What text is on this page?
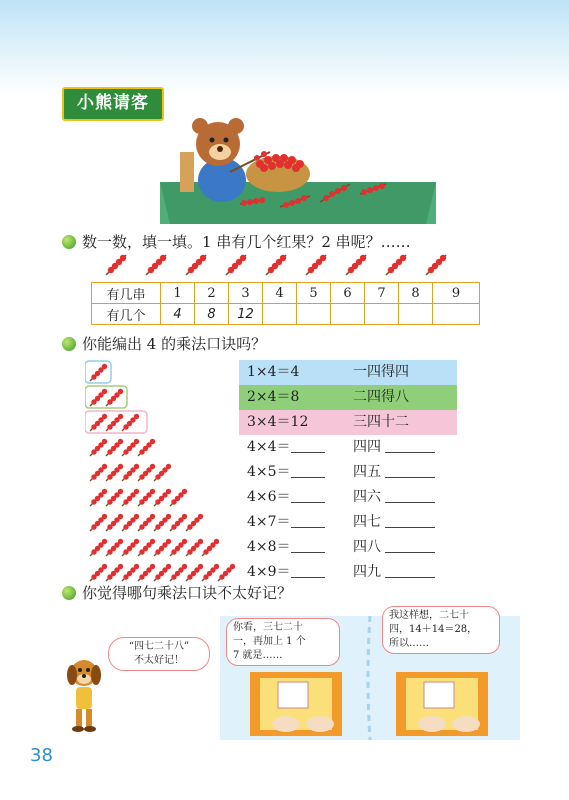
小熊请客
数一数，填一填。1 串有几个红果？2 串呢？……
有几串	1	2	3	4	5	6	7	8	9
有几个	4	8	12						
你能编出 4 的乘法口诀吗？
1×4＝4	一四得四
2×4＝8	二四得八
3×4＝12	三四十二
4×4＝	四四
4×5＝	四五
4×6＝	四六
4×7＝	四七
4×8＝	四八
4×9＝	四九
你觉得哪句乘法口诀不太好记？
“四七二十八”
不太好记！
你看，三七二十
一，再加上 1 个
7 就是……
我这样想，二七十
四，14＋14＝28，
所以……
38
